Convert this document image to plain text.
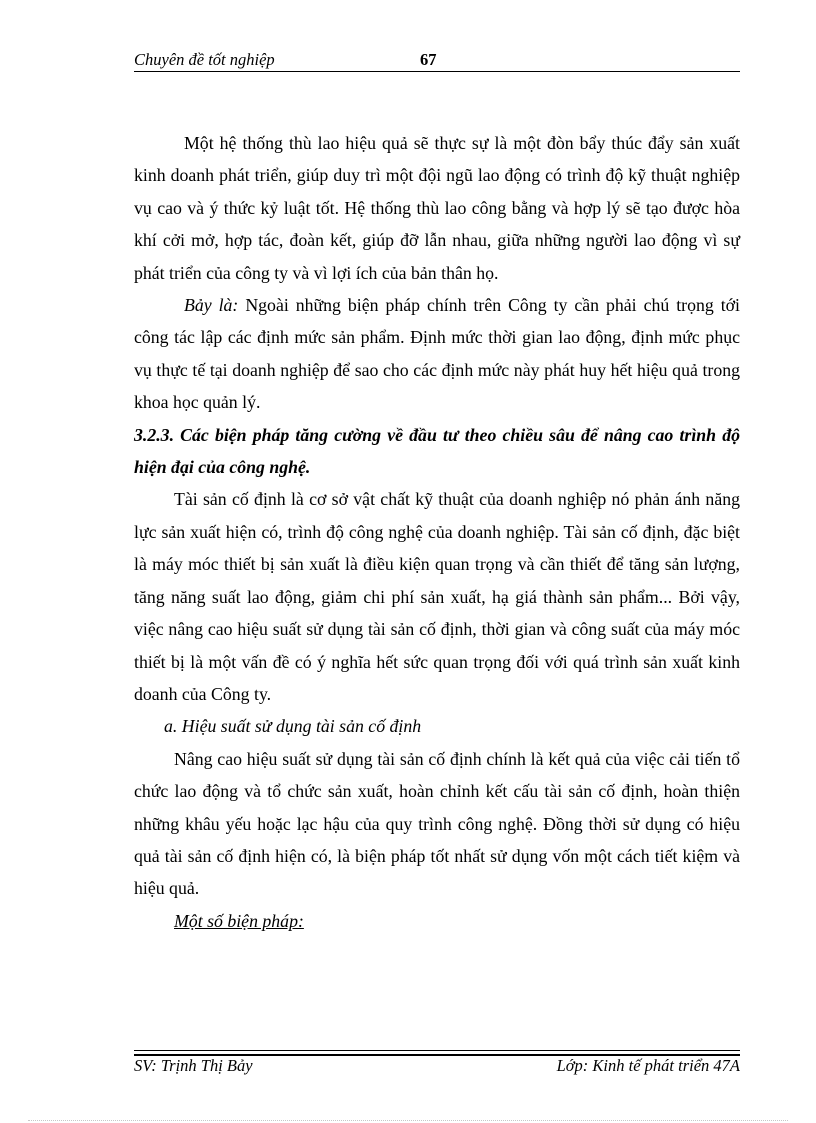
Chuyên đề tốt nghiệp	67

Một hệ thống thù lao hiệu quả sẽ thực sự là một đòn bẩy thúc đẩy sản xuất kinh doanh phát triển, giúp duy trì một đội ngũ lao động có trình độ kỹ thuật nghiệp vụ cao và ý thức kỷ luật tốt. Hệ thống thù lao công bằng và hợp lý sẽ tạo được hòa khí cởi mở, hợp tác, đoàn kết, giúp đỡ lẫn nhau, giữa những người lao động vì sự phát triển của công ty và vì lợi ích của bản thân họ.

Bảy là: Ngoài những biện pháp chính trên Công ty cần phải chú trọng tới công tác lập các định mức sản phẩm. Định mức thời gian lao động, định mức phục vụ thực tế tại doanh nghiệp để sao cho các định mức này phát huy hết hiệu quả trong khoa học quản lý.

3.2.3. Các biện pháp tăng cường về đầu tư theo chiều sâu để nâng cao trình độ hiện đại của công nghệ.

Tài sản cố định là cơ sở vật chất kỹ thuật của doanh nghiệp nó phản ánh năng lực sản xuất hiện có, trình độ công nghệ của doanh nghiệp. Tài sản cố định, đặc biệt là máy móc thiết bị sản xuất là điều kiện quan trọng và cần thiết để tăng sản lượng, tăng năng suất lao động, giảm chi phí sản xuất, hạ giá thành sản phẩm... Bởi vậy, việc nâng cao hiệu suất sử dụng tài sản cố định, thời gian và công suất của máy móc thiết bị là một vấn đề có ý nghĩa hết sức quan trọng đối với quá trình sản xuất kinh doanh của Công ty.

a. Hiệu suất sử dụng tài sản cố định

Nâng cao hiệu suất sử dụng tài sản cố định chính là kết quả của việc cải tiến tổ chức lao động và tổ chức sản xuất, hoàn chỉnh kết cấu tài sản cố định, hoàn thiện những khâu yếu hoặc lạc hậu của quy trình công nghệ. Đồng thời sử dụng có hiệu quả tài sản cố định hiện có, là biện pháp tốt nhất sử dụng vốn một cách tiết kiệm và hiệu quả.

Một số biện pháp:

SV: Trịnh Thị Bảy	Lớp: Kinh tế phát triển 47A
